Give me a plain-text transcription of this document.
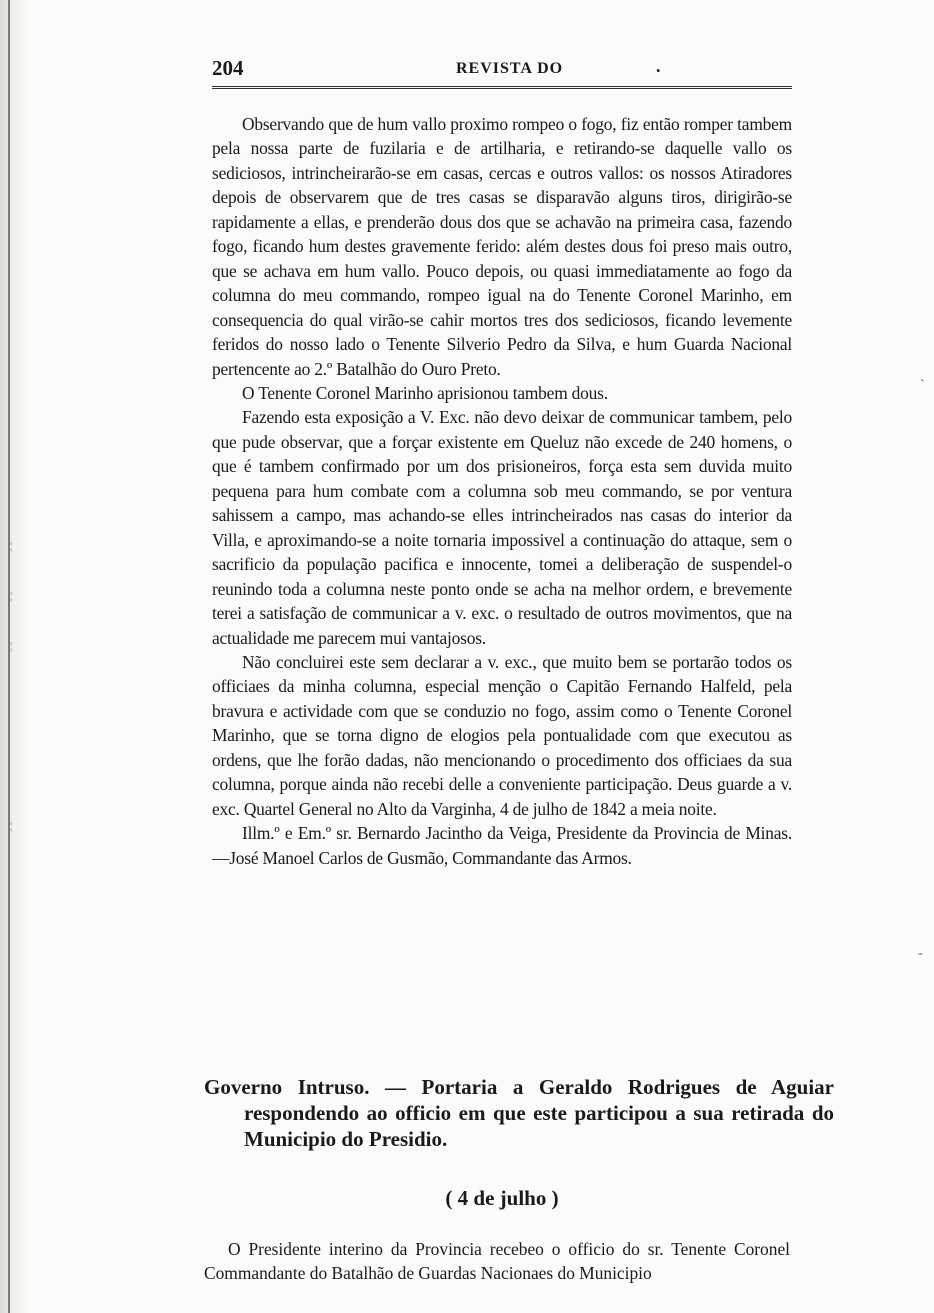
¦
¦
¦
¦
`
-
204	REVISTA DO	.

Observando que de hum vallo proximo rompeo o fogo, fiz então romper tambem pela nossa parte de fuzilaria e de artilharia, e retirando-se daquelle vallo os sediciosos, intrincheirarão-se em casas, cercas e outros vallos: os nossos Atiradores depois de observarem que de tres casas se disparavão alguns tiros, dirigirão-se rapidamente a ellas, e prenderão dous dos que se achavão na primeira casa, fazendo fogo, ficando hum destes gravemente ferido: além destes dous foi preso mais outro, que se achava em hum vallo. Pouco depois, ou quasi immediatamente ao fogo da columna do meu commando, rompeo igual na do Tenente Coronel Marinho, em consequencia do qual virão-se cahir mortos tres dos sediciosos, ficando levemente feridos do nosso lado o Tenente Silverio Pedro da Silva, e hum Guarda Nacional pertencente ao 2.º Batalhão do Ouro Preto.

O Tenente Coronel Marinho aprisionou tambem dous.

Fazendo esta exposição a V. Exc. não devo deixar de communicar tambem, pelo que pude observar, que a forçar existente em Queluz não excede de 240 homens, o que é tambem confirmado por um dos prisioneiros, força esta sem duvida muito pequena para hum combate com a columna sob meu commando, se por ventura sahissem a campo, mas achando-se elles intrincheirados nas casas do interior da Villa, e aproximando-se a noite tornaria impossivel a continuação do attaque, sem o sacrificio da população pacifica e innocente, tomei a deliberação de suspendel-o reunindo toda a columna neste ponto onde se acha na melhor ordem, e brevemente terei a satisfação de communicar a v. exc. o resultado de outros movimentos, que na actualidade me parecem mui vantajosos.

Não concluirei este sem declarar a v. exc., que muito bem se portarão todos os officiaes da minha columna, especial menção o Capitão Fernando Halfeld, pela bravura e actividade com que se conduzio no fogo, assim como o Tenente Coronel Marinho, que se torna digno de elogios pela pontualidade com que executou as ordens, que lhe forão dadas, não mencionando o procedimento dos officiaes da sua columna, porque ainda não recebi delle a conveniente participação. Deus guarde a v. exc. Quartel General no Alto da Varginha, 4 de julho de 1842 a meia noite.

Illm.º e Em.º sr. Bernardo Jacintho da Veiga, Presidente da Provincia de Minas.—José Manoel Carlos de Gusmão, Commandante das Armos.

Governo Intruso. — Portaria a Geraldo Rodrigues de Aguiar respondendo ao officio em que este participou a sua retirada do Municipio do Presidio.
( 4 de julho )

O Presidente interino da Provincia recebeo o officio do sr. Tenente Coronel Commandante do Batalhão de Guardas Nacionaes do Municipio
